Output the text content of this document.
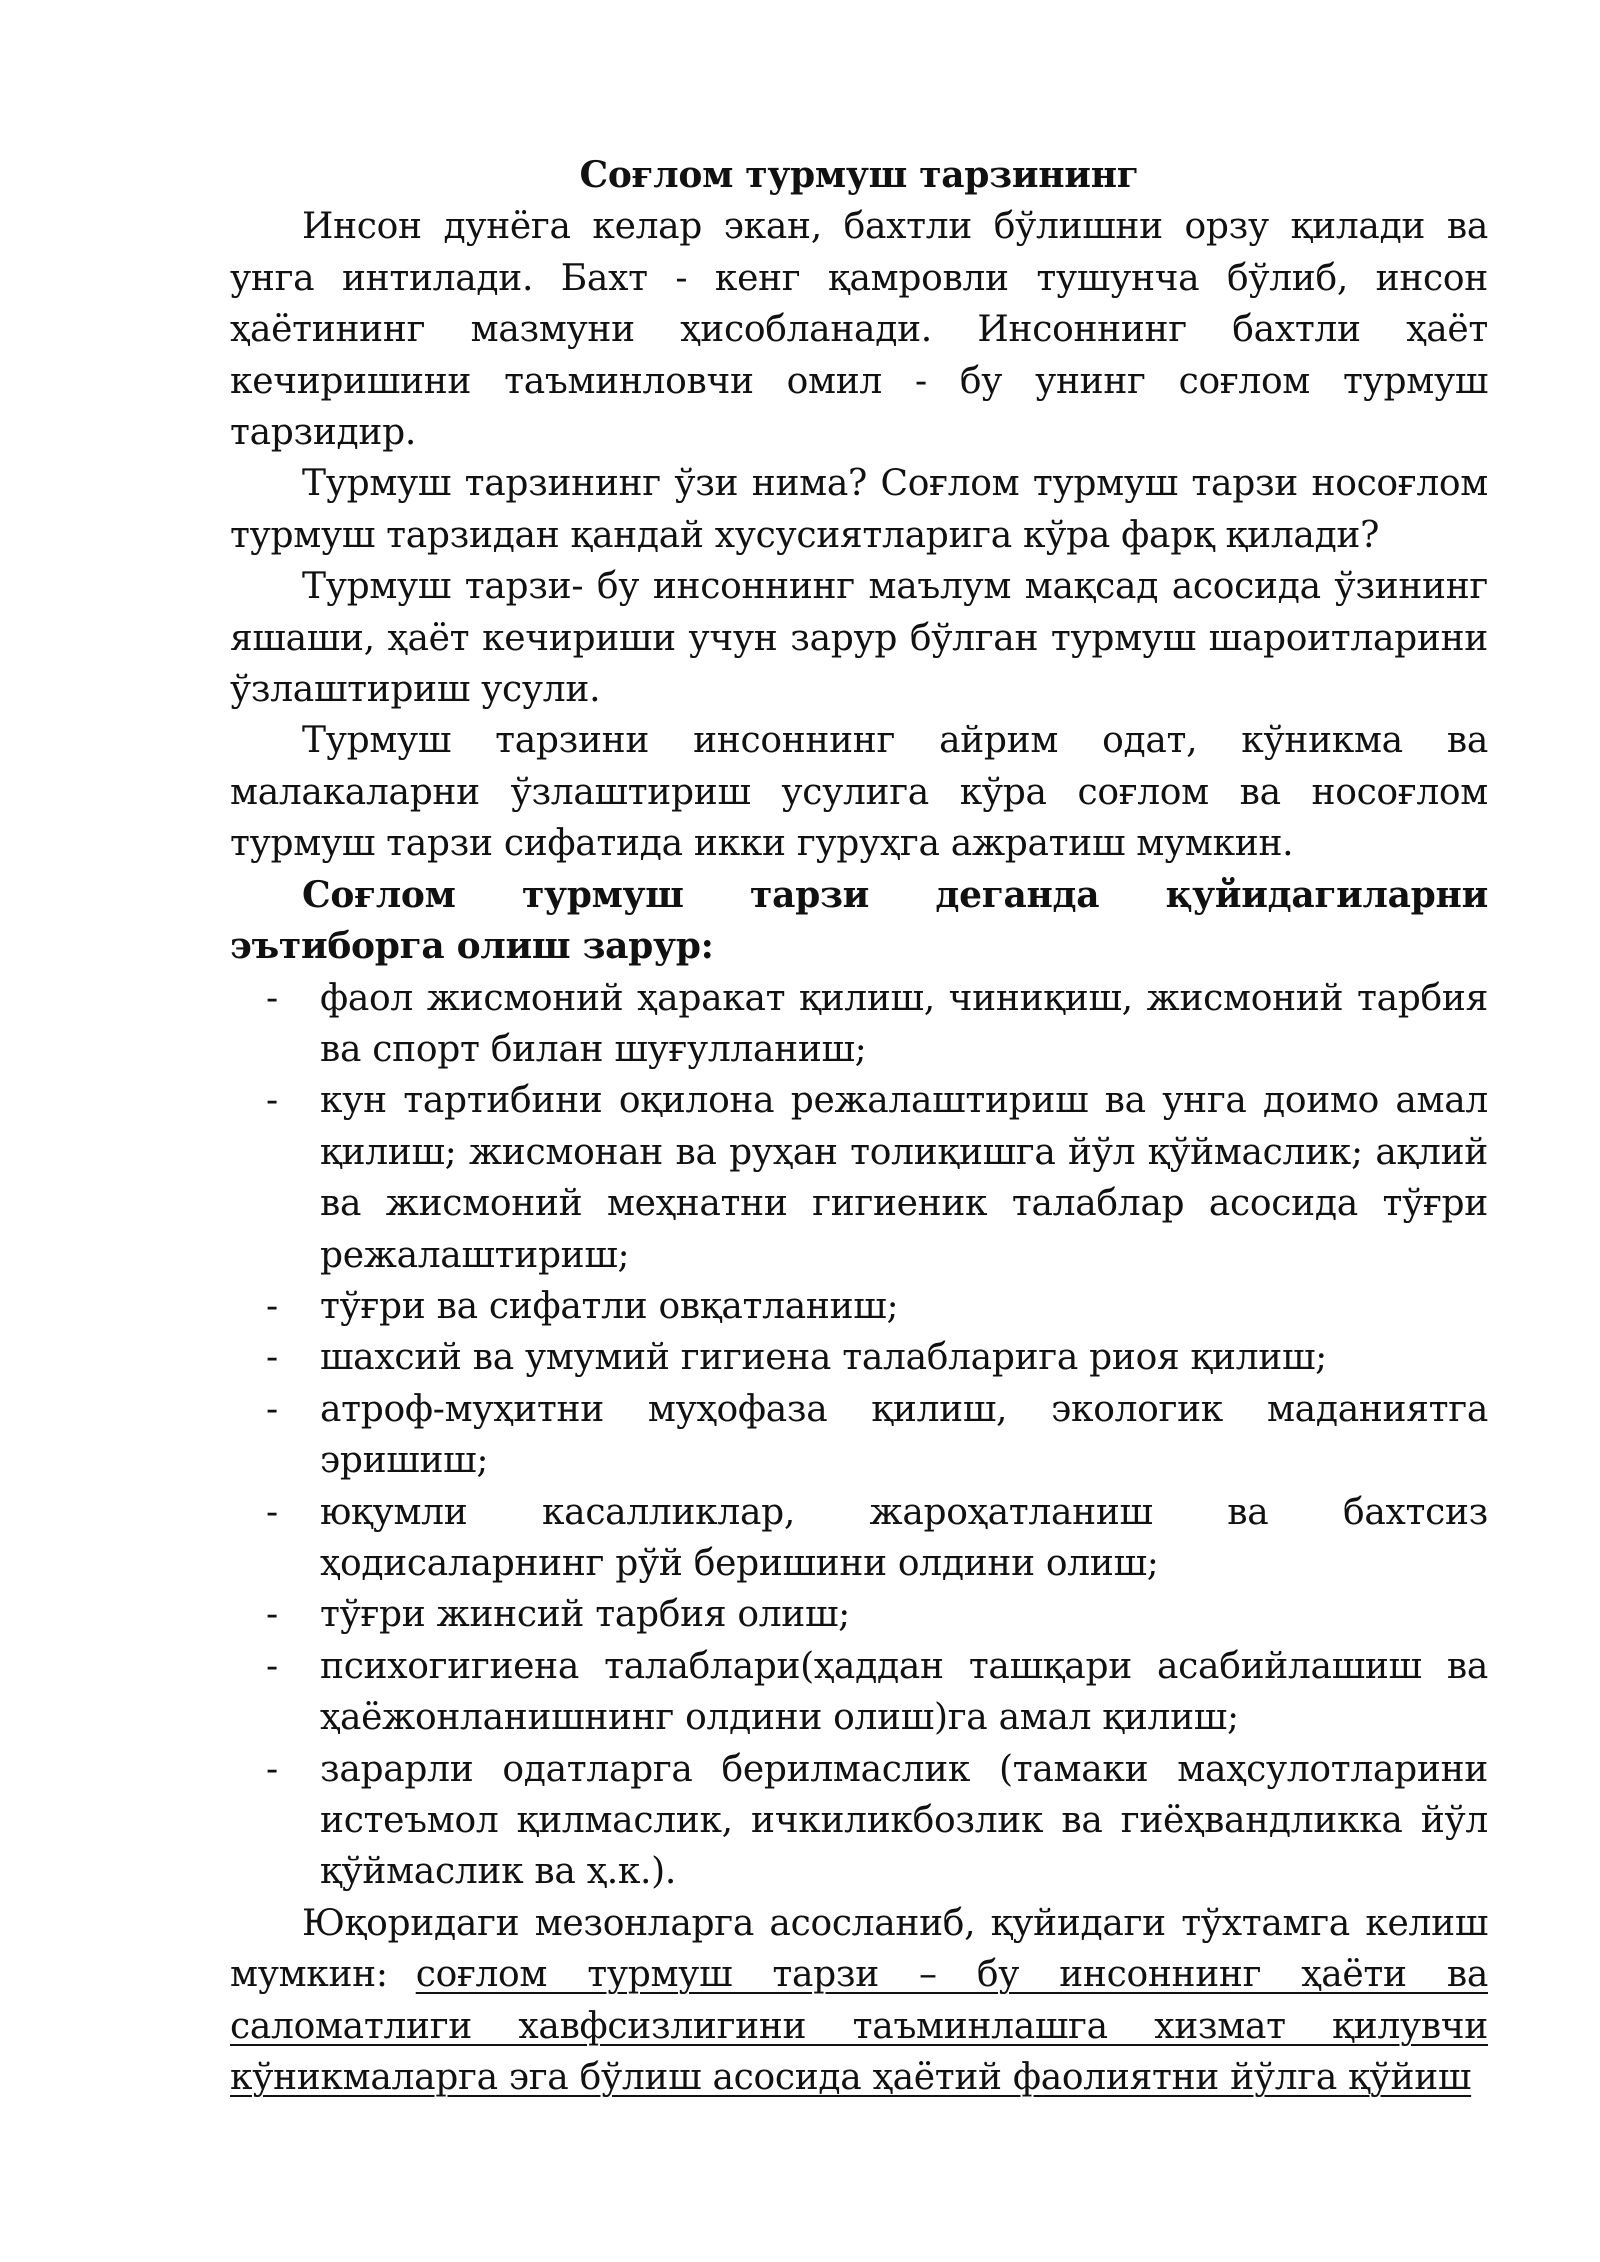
Соғлом турмуш тарзининг

Инсон дунёга келар экан, бахтли бўлишни орзу қилади ва унга интилади. Бахт - кенг қамровли тушунча бўлиб, инсон ҳаётининг мазмуни ҳисобланади. Инсоннинг бахтли ҳаёт кечиришини таъминловчи омил - бу унинг соғлом турмуш тарзидир.

Турмуш тарзининг ўзи нима? Соғлом турмуш тарзи носоғлом турмуш тарзидан қандай хусусиятларига кўра фарқ қилади?

Турмуш тарзи- бу инсоннинг маълум мақсад асосида ўзининг яшаши, ҳаёт кечириши учун зарур бўлган турмуш шароитларини ўзлаштириш усули.

Турмуш тарзини инсоннинг айрим одат, кўникма ва малакаларни ўзлаштириш усулига кўра соғлом ва носоғлом турмуш тарзи сифатида икки гуруҳга ажратиш мумкин.

Соғлом турмуш тарзи деганда қуйидагиларни эътиборга олиш зарур:

- фаол жисмоний ҳаракат қилиш, чиниқиш, жисмоний тарбия ва спорт билан шуғулланиш;
- кун тартибини оқилона режалаштириш ва унга доимо амал қилиш; жисмонан ва руҳан толиқишга йўл қўймаслик; ақлий ва жисмоний меҳнатни гигиеник талаблар асосида тўғри режалаштириш;
- тўғри ва сифатли овқатланиш;
- шахсий ва умумий гигиена талабларига риоя қилиш;
- атроф-муҳитни муҳофаза қилиш, экологик маданиятга эришиш;
- юқумли касалликлар, жароҳатланиш ва бахтсиз ҳодисаларнинг рўй беришини олдини олиш;
- тўғри жинсий тарбия олиш;
- психогигиена талаблари(ҳаддан ташқари асабийлашиш ва ҳаёжонланишнинг олдини олиш)га амал қилиш;
- зарарли одатларга берилмаслик (тамаки маҳсулотларини истеъмол қилмаслик, ичкиликбозлик ва гиёҳвандликка йўл қўймаслик ва ҳ.к.).

Юқоридаги мезонларга асосланиб, қуйидаги тўхтамга келиш мумкин: соғлом турмуш тарзи – бу инсоннинг ҳаёти ва саломатлиги хавфсизлигини таъминлашга хизмат қилувчи кўникмаларга эга бўлиш асосида ҳаётий фаолиятни йўлга қўйиш
